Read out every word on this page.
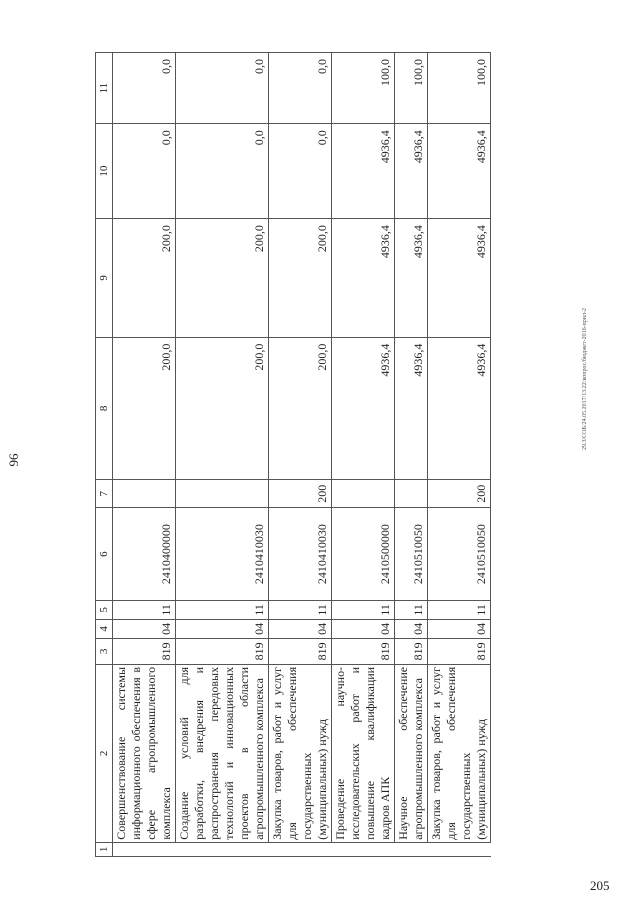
96
205
29.3/СОБ/24.05.2017/13.22/вопрос/бюджет-2016-прил-2
1	2	3	4	5	6	7	8	9	10	11
	Совершенствование системы информационного обеспечения в сфере агропромышленного комплекса	819	04	11	2410400000		200,0	200,0	0,0	0,0
	Создание условий для разработки, внедрения и распространения передовых технологий и инновационных проектов в области агропромышленного комплекса	819	04	11	2410410030		200,0	200,0	0,0	0,0
	Закупка товаров, работ и услуг для обеспечения государственных (муниципальных) нужд	819	04	11	2410410030	200	200,0	200,0	0,0	0,0
	Проведение научно-исследовательских работ и повышение квалификации кадров АПК	819	04	11	2410500000		4936,4	4936,4	4936,4	100,0
	Научное обеспечение агропромышленного комплекса	819	04	11	2410510050		4936,4	4936,4	4936,4	100,0
	Закупка товаров, работ и услуг для обеспечения государственных (муниципальных) нужд	819	04	11	2410510050	200	4936,4	4936,4	4936,4	100,0
